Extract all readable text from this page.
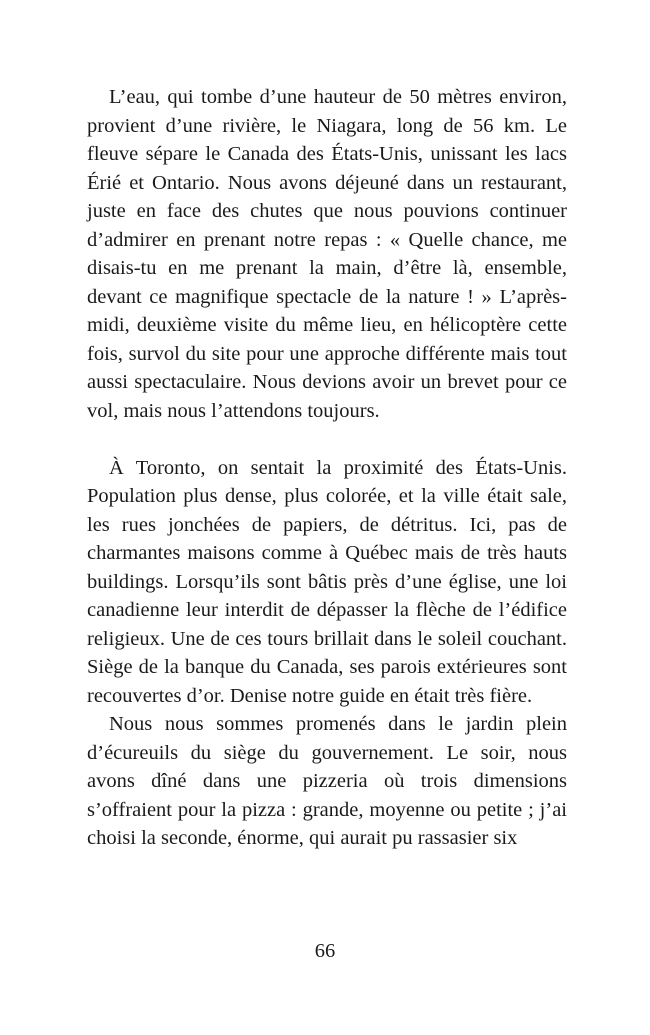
L’eau, qui tombe d’une hauteur de 50 mètres environ, provient d’une rivière, le Niagara, long de 56 km. Le fleuve sépare le Canada des États-Unis, unissant les lacs Érié et Ontario. Nous avons déjeuné dans un restaurant, juste en face des chutes que nous pouvions continuer d’admirer en prenant notre repas : « Quelle chance, me disais-tu en me prenant la main, d’être là, ensemble, devant ce magnifique spectacle de la nature ! » L’après-midi, deuxième visite du même lieu, en hélicoptère cette fois, survol du site pour une approche différente mais tout aussi spectaculaire. Nous devions avoir un brevet pour ce vol, mais nous l’attendons toujours.

À Toronto, on sentait la proximité des États-Unis. Population plus dense, plus colorée, et la ville était sale, les rues jonchées de papiers, de détritus. Ici, pas de charmantes maisons comme à Québec mais de très hauts buildings. Lorsqu’ils sont bâtis près d’une église, une loi canadienne leur interdit de dépasser la flèche de l’édifice religieux. Une de ces tours brillait dans le soleil couchant. Siège de la banque du Canada, ses parois extérieures sont recouvertes d’or. Denise notre guide en était très fière.

Nous nous sommes promenés dans le jardin plein d’écureuils du siège du gouvernement. Le soir, nous avons dîné dans une pizzeria où trois dimensions s’offraient pour la pizza : grande, moyenne ou petite ; j’ai choisi la seconde, énorme, qui aurait pu rassasier six

66
